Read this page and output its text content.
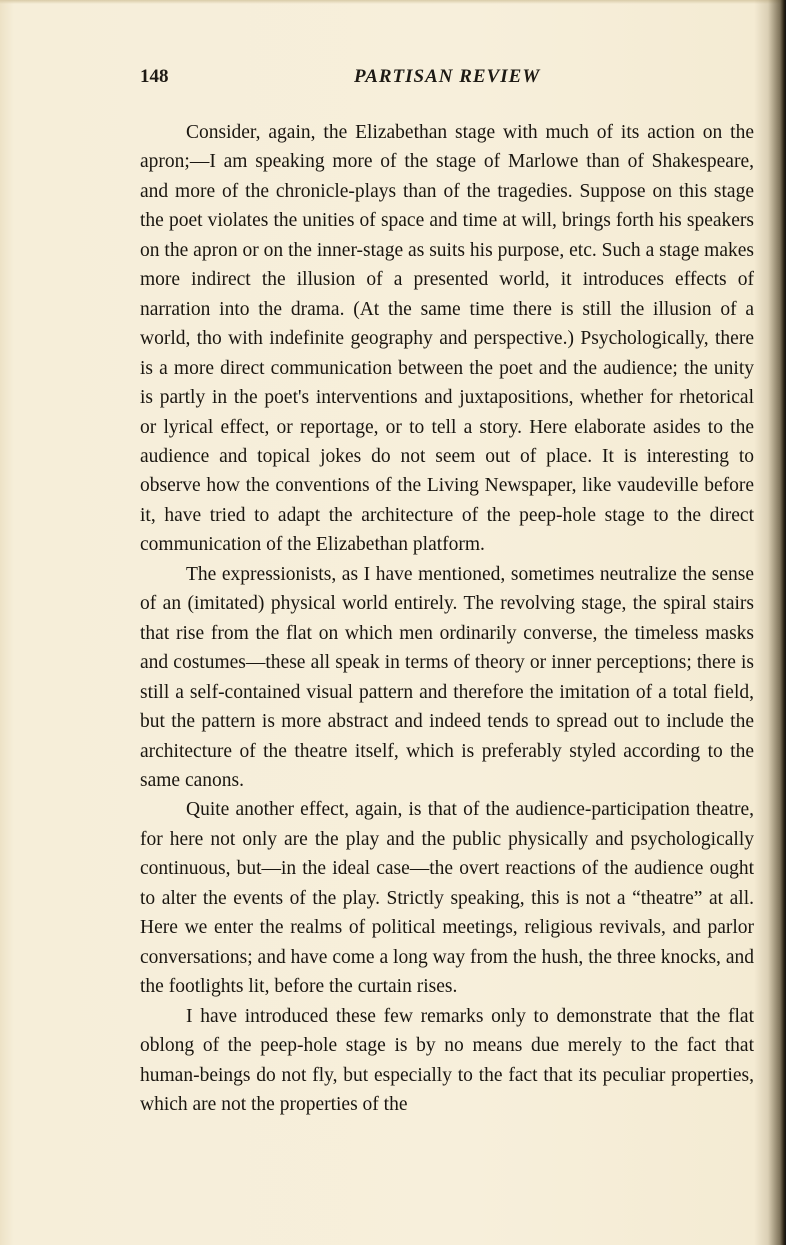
148	PARTISAN REVIEW

Consider, again, the Elizabethan stage with much of its action on the apron;—I am speaking more of the stage of Marlowe than of Shakespeare, and more of the chronicle-plays than of the tragedies. Suppose on this stage the poet violates the unities of space and time at will, brings forth his speakers on the apron or on the inner-stage as suits his purpose, etc. Such a stage makes more indirect the illusion of a presented world, it introduces effects of narration into the drama. (At the same time there is still the illusion of a world, tho with indefinite geography and perspective.) Psychologically, there is a more direct communication between the poet and the audience; the unity is partly in the poet's interventions and juxtapositions, whether for rhetorical or lyrical effect, or reportage, or to tell a story. Here elaborate asides to the audience and topical jokes do not seem out of place. It is interesting to observe how the conventions of the Living Newspaper, like vaudeville before it, have tried to adapt the architecture of the peep-hole stage to the direct communication of the Elizabethan platform.

The expressionists, as I have mentioned, sometimes neutralize the sense of an (imitated) physical world entirely. The revolving stage, the spiral stairs that rise from the flat on which men ordinarily converse, the timeless masks and costumes—these all speak in terms of theory or inner perceptions; there is still a self-contained visual pattern and therefore the imitation of a total field, but the pattern is more abstract and indeed tends to spread out to include the architecture of the theatre itself, which is preferably styled according to the same canons.

Quite another effect, again, is that of the audience-participation theatre, for here not only are the play and the public physically and psychologically continuous, but—in the ideal case—the overt reactions of the audience ought to alter the events of the play. Strictly speaking, this is not a “theatre” at all. Here we enter the realms of political meetings, religious revivals, and parlor conversations; and have come a long way from the hush, the three knocks, and the footlights lit, before the curtain rises.

I have introduced these few remarks only to demonstrate that the flat oblong of the peep-hole stage is by no means due merely to the fact that human-beings do not fly, but especially to the fact that its peculiar properties, which are not the properties of the
